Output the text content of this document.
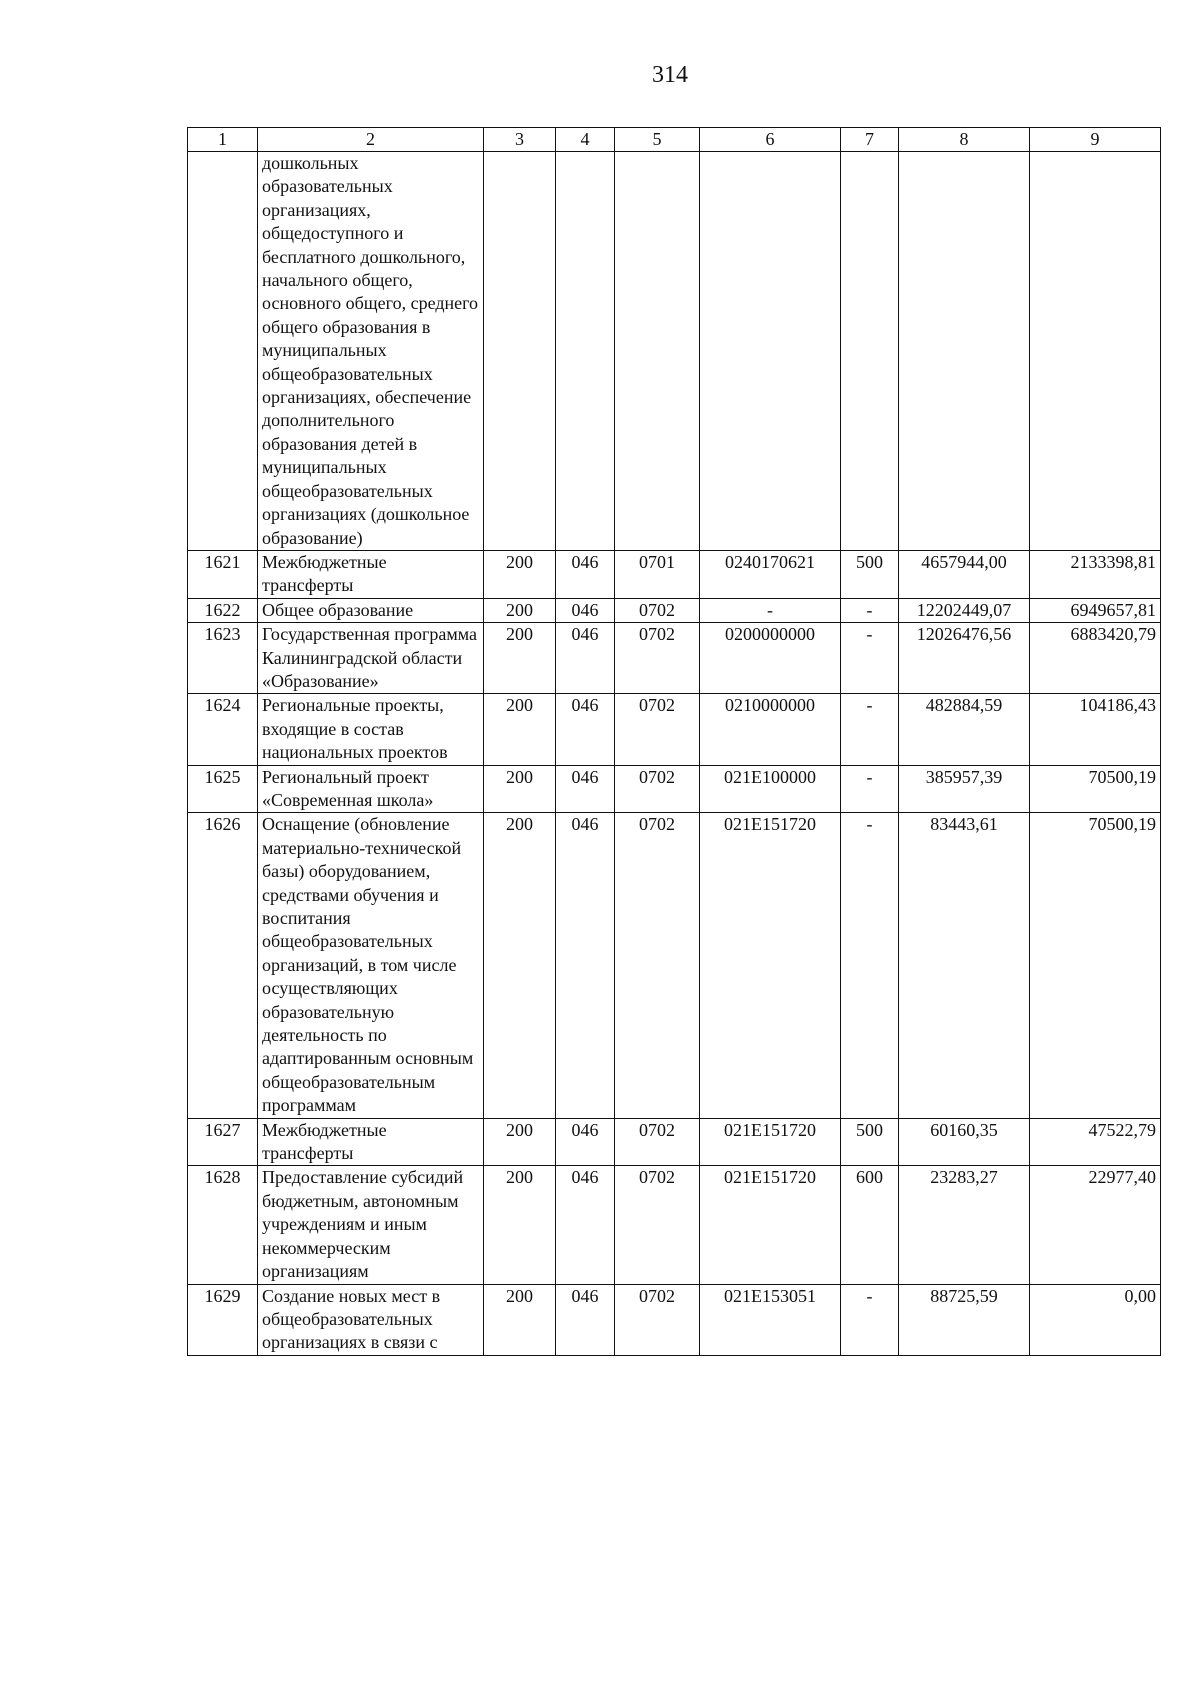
314
1	2	3	4	5	6	7	8	9
	дошкольных образовательных организациях, общедоступного и бесплатного дошкольного, начального общего, основного общего, среднего общего образования в муниципальных общеобразовательных организациях, обеспечение дополнительного образования детей в муниципальных общеобразовательных организациях (дошкольное образование)							
1621	Межбюджетные трансферты	200	046	0701	0240170621	500	4657944,00	2133398,81
1622	Общее образование	200	046	0702	-	-	12202449,07	6949657,81
1623	Государственная программа Калининградской области «Образование»	200	046	0702	0200000000	-	12026476,56	6883420,79
1624	Региональные проекты, входящие в состав национальных проектов	200	046	0702	0210000000	-	482884,59	104186,43
1625	Региональный проект «Современная школа»	200	046	0702	021E100000	-	385957,39	70500,19
1626	Оснащение (обновление материально-технической базы) оборудованием, средствами обучения и воспитания общеобразовательных организаций, в том числе осуществляющих образовательную деятельность по адаптированным основным общеобразовательным программам	200	046	0702	021E151720	-	83443,61	70500,19
1627	Межбюджетные трансферты	200	046	0702	021E151720	500	60160,35	47522,79
1628	Предоставление субсидий бюджетным, автономным учреждениям и иным некоммерческим организациям	200	046	0702	021E151720	600	23283,27	22977,40
1629	Создание новых мест в общеобразовательных организациях в связи с	200	046	0702	021E153051	-	88725,59	0,00
